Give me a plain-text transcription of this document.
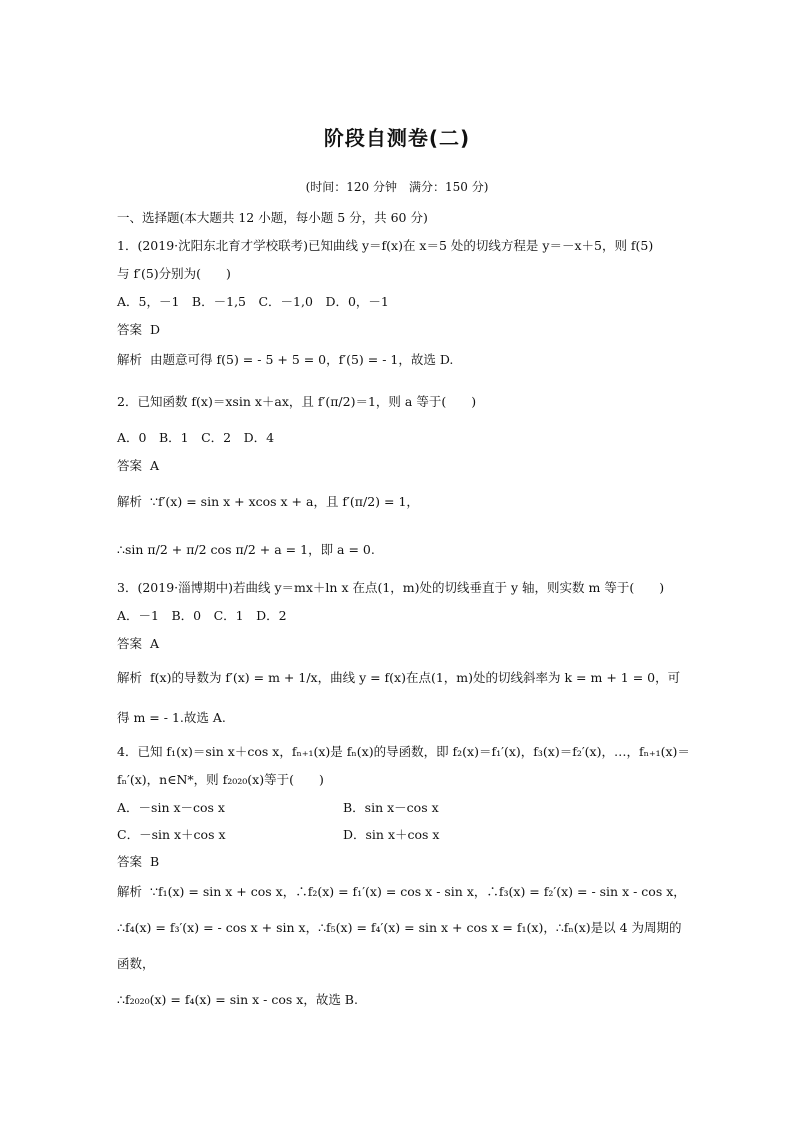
阶段自测卷(二)
(时间：120 分钟　满分：150 分)
一、选择题(本大题共 12 小题，每小题 5 分，共 60 分)
1．(2019·沈阳东北育才学校联考)已知曲线 y＝f(x)在 x＝5 处的切线方程是 y＝－x＋5，则 f(5)
与 f′(5)分别为(　　)
A．5，－1　B．－1,5　C．－1,0　D．0，－1
答案 D
解析 由题意可得 f(5) = - 5 + 5 = 0，f′(5) = - 1，故选 D.
2．已知函数 f(x)＝xsin x＋ax，且 f′(π/2)＝1，则 a 等于(　　)
A．0　B．1　C．2　D．4
答案 A
解析 ∵f′(x) = sin x + xcos x + a，且 f′(π/2) = 1，
∴sin π/2 + π/2 cos π/2 + a = 1，即 a = 0.
3．(2019·淄博期中)若曲线 y＝mx＋ln x 在点(1，m)处的切线垂直于 y 轴，则实数 m 等于(　　)
A．－1　B．0　C．1　D．2
答案 A
解析 f(x)的导数为 f′(x) = m + 1/x，曲线 y = f(x)在点(1，m)处的切线斜率为 k = m + 1 = 0，可
得 m = - 1.故选 A.
4．已知 f₁(x)＝sin x＋cos x，fₙ₊₁(x)是 fₙ(x)的导函数，即 f₂(x)＝f₁′(x)，f₃(x)＝f₂′(x)，…，fₙ₊₁(x)＝
fₙ′(x)，n∈N*，则 f₂₀₂₀(x)等于(　　)
A．－sin x－cos x	B．sin x－cos x
C．－sin x＋cos x	D．sin x＋cos x
答案 B
解析 ∵f₁(x) = sin x + cos x，∴f₂(x) = f₁′(x) = cos x - sin x，∴f₃(x) = f₂′(x) = - sin x - cos x，
∴f₄(x) = f₃′(x) = - cos x + sin x，∴f₅(x) = f₄′(x) = sin x + cos x = f₁(x)，∴fₙ(x)是以 4 为周期的
函数，
∴f₂₀₂₀(x) = f₄(x) = sin x - cos x，故选 B.
